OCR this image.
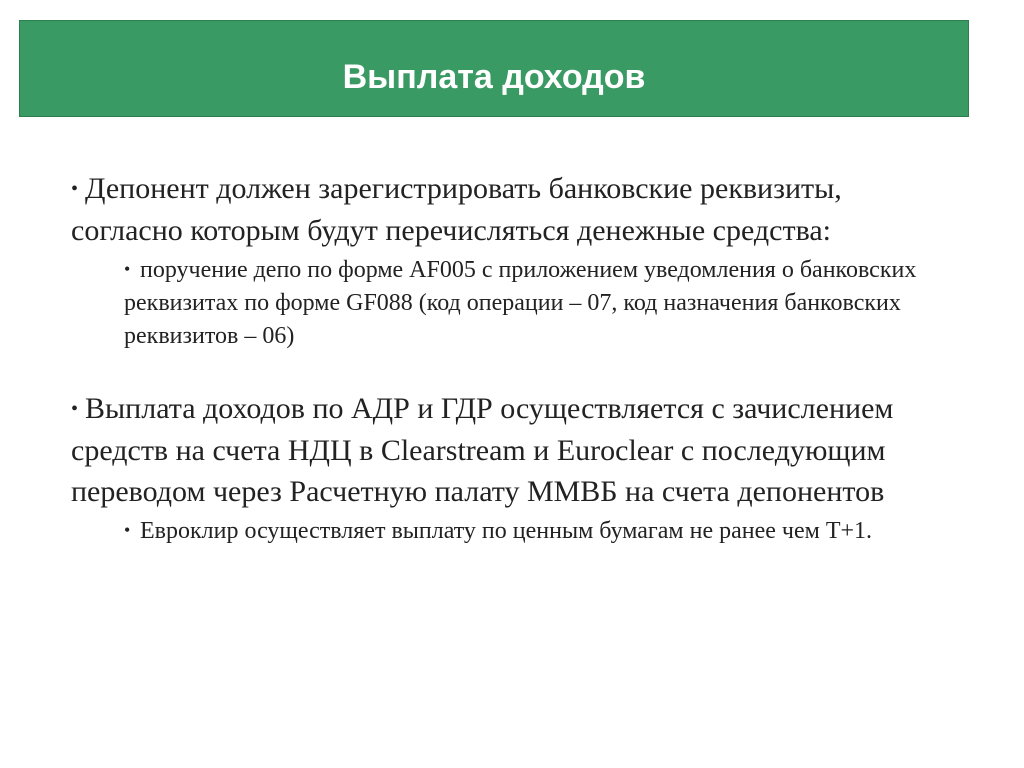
Выплата доходов
• Депонент должен зарегистрировать банковские реквизиты, согласно которым будут перечисляться денежные средства:
• поручение депо по форме AF005 с приложением уведомления о банковских реквизитах по форме GF088 (код операции – 07, код назначения банковских реквизитов – 06)
• Выплата доходов по АДР и ГДР осуществляется с зачислением средств на счета НДЦ в Clearstream и Euroclear с последующим переводом через Расчетную палату ММВБ на счета депонентов
• Евроклир осуществляет выплату по ценным бумагам не ранее чем Т+1.
